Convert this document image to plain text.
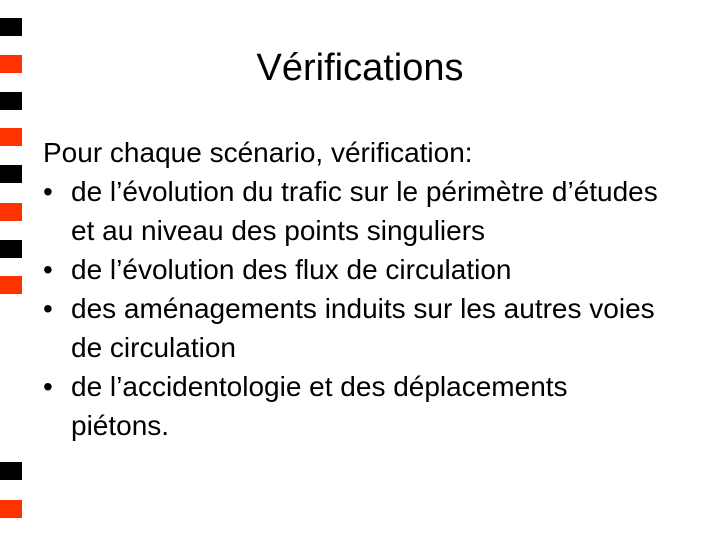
Vérifications

Pour chaque scénario, vérification:

• de l’évolution du trafic sur le périmètre d’études et au niveau des points singuliers
• de l’évolution des flux de circulation
• des aménagements induits sur les autres voies de circulation
• de l’accidentologie et des déplacements piétons.
